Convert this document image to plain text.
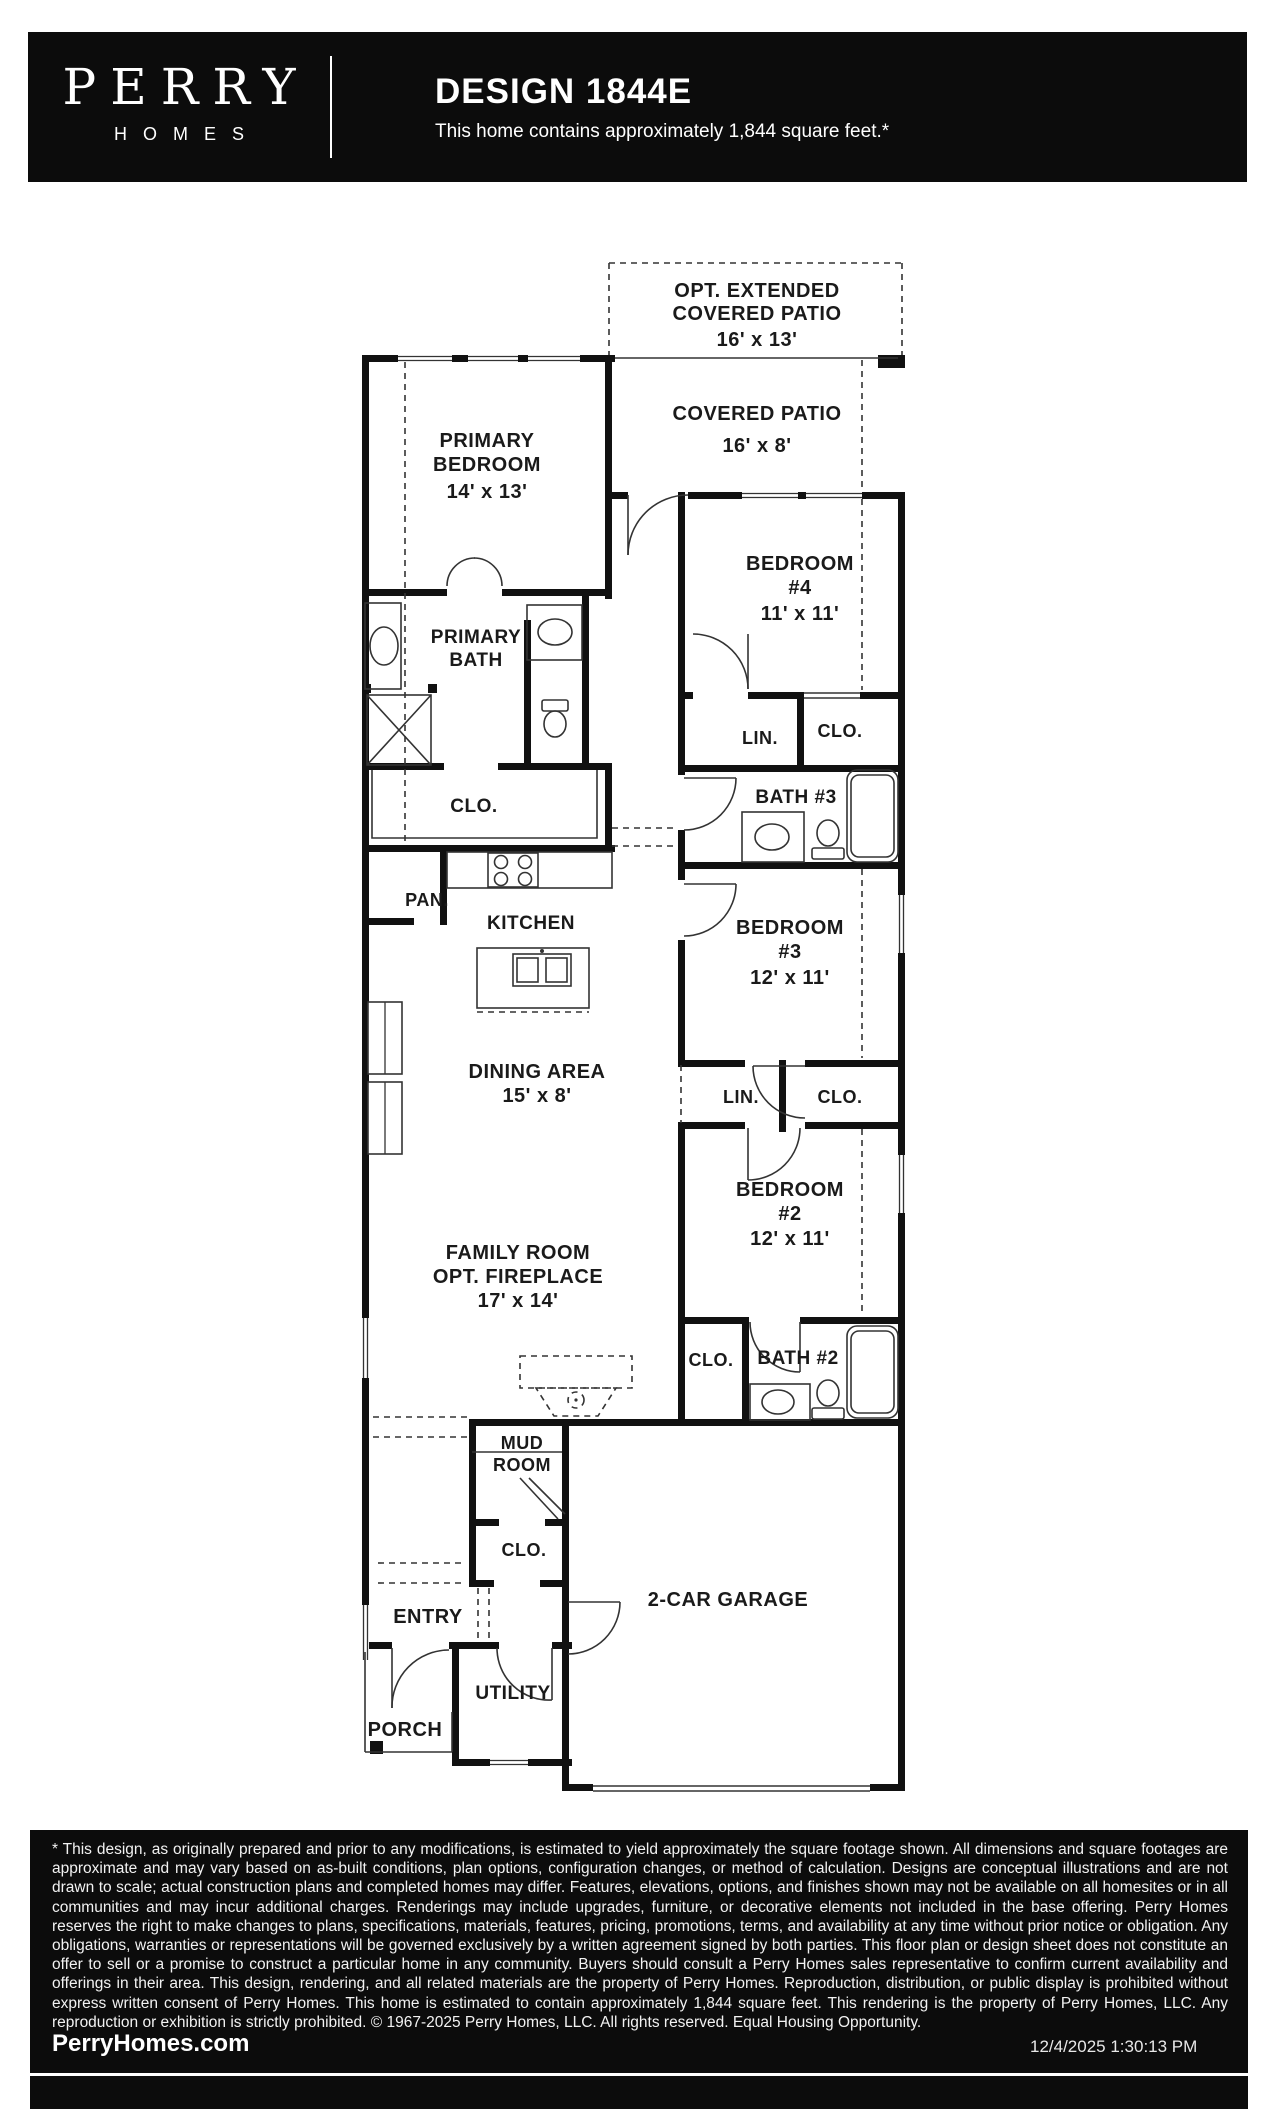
PERRY
HOMES
DESIGN 1844E
This home contains approximately 1,844 square feet.*
OPT. EXTENDED
COVERED PATIO
16' x 13'
COVERED PATIO
16' x 8'
PRIMARY
BEDROOM
14' x 13'
BEDROOM
#4
11' x 11'
PRIMARY
BATH
LIN. CLO.
BATH #3
CLO.
PAN.
KITCHEN	BEDROOM
#3
12' x 11'
DINING AREA
15' x 8'	LIN.	CLO.
BEDROOM
#2
12' x 11'
FAMILY ROOM
OPT. FIREPLACE
17' x 14'
CLO. BATH #2
MUD
ROOM
CLO.
ENTRY
UTILITY
PORCH
2-CAR GARAGE
* This design, as originally prepared and prior to any modifications, is estimated to yield approximately the square footage shown. All dimensions and square footages are approximate and may vary based on as-built conditions, plan options, configuration changes, or method of calculation. Designs are conceptual illustrations and are not drawn to scale; actual construction plans and completed homes may differ. Features, elevations, options, and finishes shown may not be available on all homesites or in all communities and may incur additional charges. Renderings may include upgrades, furniture, or decorative elements not included in the base offering. Perry Homes reserves the right to make changes to plans, specifications, materials, features, pricing, promotions, terms, and availability at any time without prior notice or obligation. Any obligations, warranties or representations will be governed exclusively by a written agreement signed by both parties. This floor plan or design sheet does not constitute an offer to sell or a promise to construct a particular home in any community. Buyers should consult a Perry Homes sales representative to confirm current availability and offerings in their area. This design, rendering, and all related materials are the property of Perry Homes. Reproduction, distribution, or public display is prohibited without express written consent of Perry Homes. This home is estimated to contain approximately 1,844 square feet. This rendering is the property of Perry Homes, LLC. Any reproduction or exhibition is strictly prohibited. © 1967-2025 Perry Homes, LLC. All rights reserved. Equal Housing Opportunity.
PerryHomes.com	12/4/2025 1:30:13 PM
